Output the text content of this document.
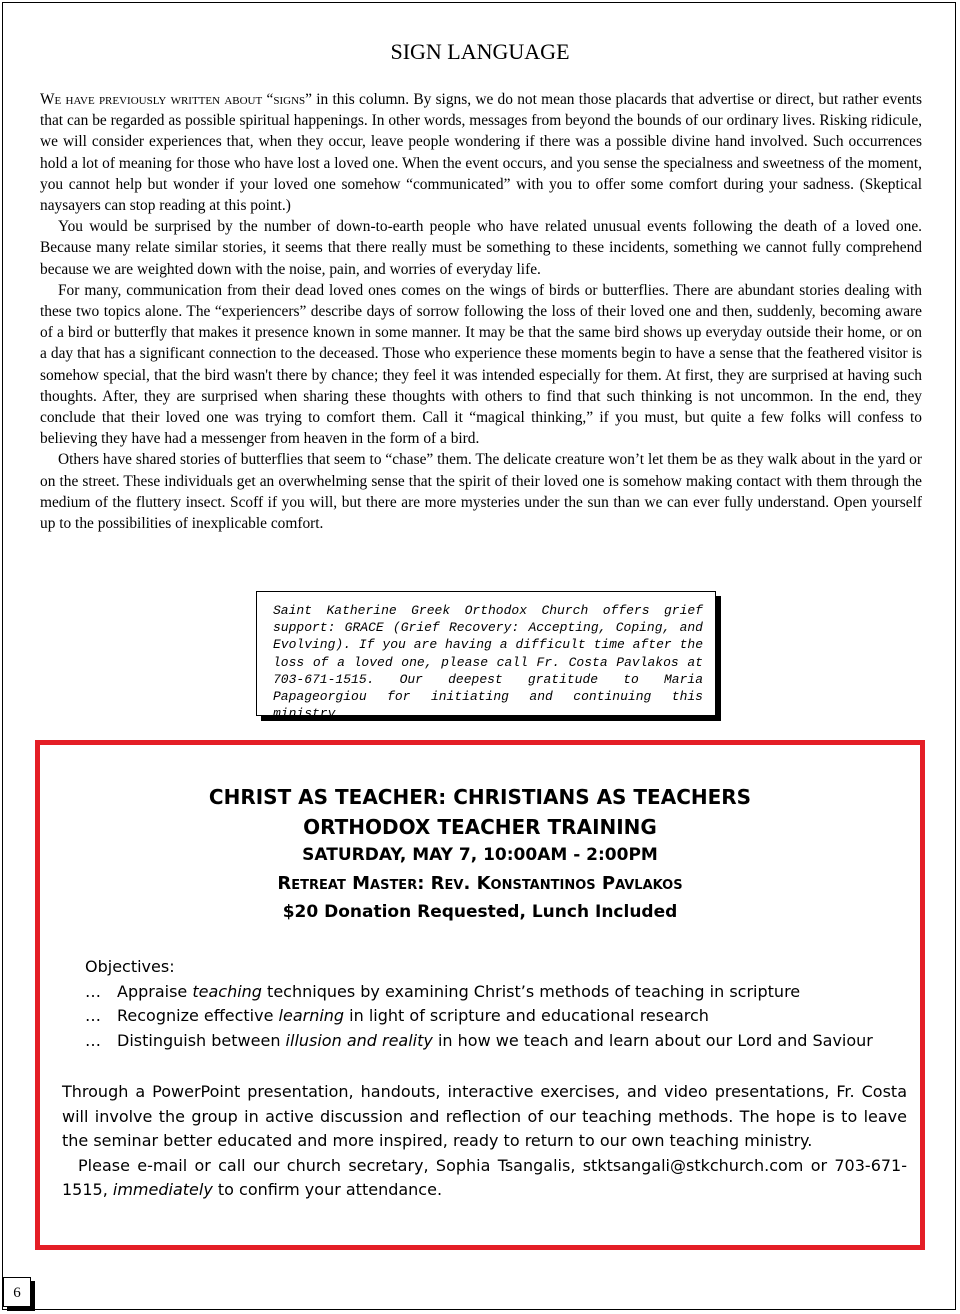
SIGN LANGUAGE

We have previously written about “signs” in this column. By signs, we do not mean those placards that advertise or direct, but rather events that can be regarded as possible spiritual happenings. In other words, messages from beyond the bounds of our ordinary lives. Risking ridicule, we will consider experiences that, when they occur, leave people wondering if there was a possible divine hand involved. Such occurrences hold a lot of meaning for those who have lost a loved one. When the event occurs, and you sense the specialness and sweetness of the moment, you cannot help but wonder if your loved one somehow “communicated” with you to offer some comfort during your sadness. (Skeptical naysayers can stop reading at this point.)

You would be surprised by the number of down-to-earth people who have related unusual events following the death of a loved one. Because many relate similar stories, it seems that there really must be something to these incidents, something we cannot fully comprehend because we are weighted down with the noise, pain, and worries of everyday life.

For many, communication from their dead loved ones comes on the wings of birds or butterflies. There are abundant stories dealing with these two topics alone. The “experiencers” describe days of sorrow following the loss of their loved one and then, suddenly, becoming aware of a bird or butterfly that makes it presence known in some manner. It may be that the same bird shows up everyday outside their home, or on a day that has a significant connection to the deceased. Those who experience these moments begin to have a sense that the feathered visitor is somehow special, that the bird wasn't there by chance; they feel it was intended especially for them. At first, they are surprised at having such thoughts. After, they are surprised when sharing these thoughts with others to find that such thinking is not uncommon. In the end, they conclude that their loved one was trying to comfort them. Call it “magical thinking,” if you must, but quite a few folks will confess to believing they have had a messenger from heaven in the form of a bird.

Others have shared stories of butterflies that seem to “chase” them. The delicate creature won’t let them be as they walk about in the yard or on the street. These individuals get an overwhelming sense that the spirit of their loved one is somehow making contact with them through the medium of the fluttery insect. Scoff if you will, but there are more mysteries under the sun than we can ever fully understand. Open yourself up to the possibilities of inexplicable comfort.

Saint Katherine Greek Orthodox Church offers grief support: GRACE (Grief Recovery: Accepting, Coping, and Evolving). If you are having a difficult time after the loss of a loved one, please call Fr. Costa Pavlakos at 703-671-1515. Our deepest gratitude to Maria Papageorgiou for initiating and continuing this ministry.
CHRIST AS TEACHER: CHRISTIANS AS TEACHERS
ORTHODOX TEACHER TRAINING
SATURDAY, MAY 7, 10:00AM - 2:00PM
Retreat Master: Rev. Konstantinos Pavlakos
$20 Donation Requested, Lunch Included
Objectives:
… Appraise teaching techniques by examining Christ’s methods of teaching in scripture
… Recognize effective learning in light of scripture and educational research
… Distinguish between illusion and reality in how we teach and learn about our Lord and Saviour

Through a PowerPoint presentation, handouts, interactive exercises, and video presentations, Fr. Costa will involve the group in active discussion and reflection of our teaching methods. The hope is to leave the seminar better educated and more inspired, ready to return to our own teaching ministry.

Please e-mail or call our church secretary, Sophia Tsangalis, stktsangali@stkchurch.com or 703-671-1515, immediately to confirm your attendance.

6
